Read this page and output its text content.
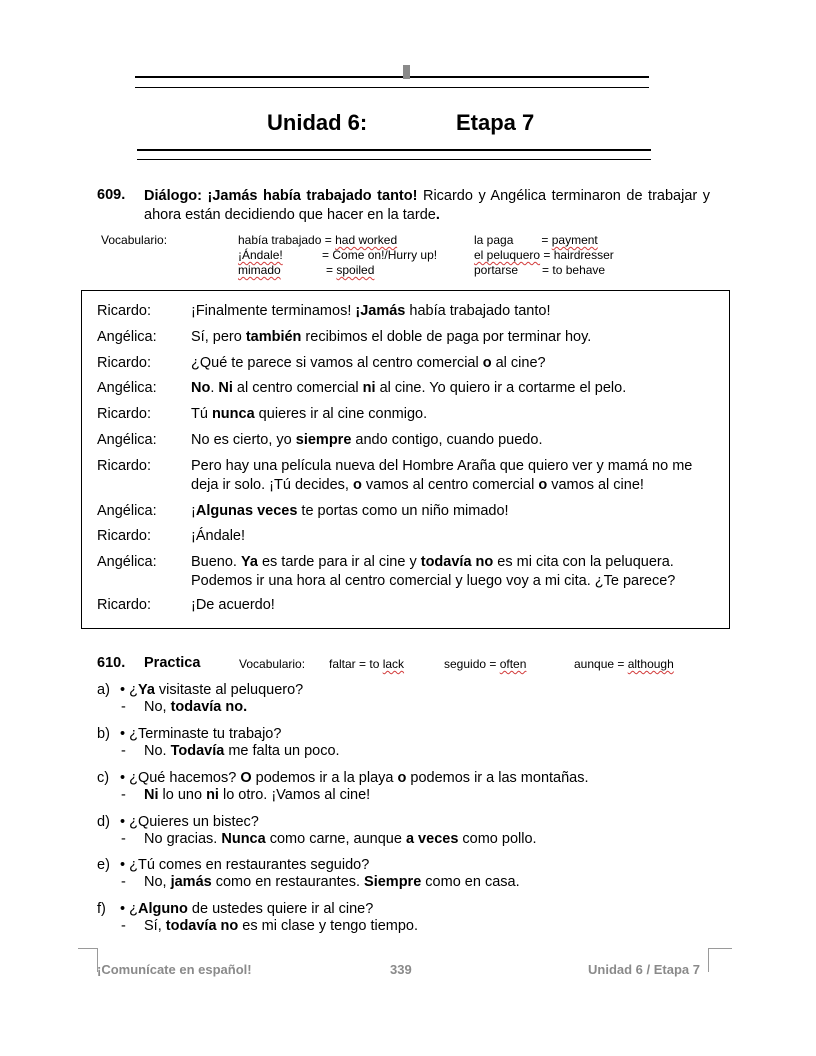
Unidad 6:	Etapa 7
609. Diálogo: ¡Jamás había trabajado tanto! Ricardo y Angélica terminaron de trabajar y ahora están decidiendo que hacer en la tarde.
Vocabulario:	había trabajado = had worked
¡Ándale!	= Come on!/Hurry up!
mimado	= spoiled
la paga = payment
el peluquero = hairdresser
portarse = to behave
Ricardo:	¡Finalmente terminamos! ¡Jamás había trabajado tanto!
Angélica: Sí, pero también recibimos el doble de paga por terminar hoy.
Ricardo:	¿Qué te parece si vamos al centro comercial o al cine?
Angélica: No. Ni al centro comercial ni al cine. Yo quiero ir a cortarme el pelo.
Ricardo:	Tú nunca quieres ir al cine conmigo.
Angélica: No es cierto, yo siempre ando contigo, cuando puedo.
Ricardo:	Pero hay una película nueva del Hombre Araña que quiero ver y mamá no me deja ir solo. ¡Tú decides, o vamos al centro comercial o vamos al cine!
Angélica: ¡Algunas veces te portas como un niño mimado!
Ricardo:	¡Ándale!
Angélica: Bueno. Ya es tarde para ir al cine y todavía no es mi cita con la peluquera. Podemos ir una hora al centro comercial y luego voy a mi cita. ¿Te parece?
Ricardo:	¡De acuerdo!
610. Practica	Vocabulario: faltar = to lack	seguido = often	aunque = although
a) • ¿Ya visitaste al peluquero?
- No, todavía no.
b) • ¿Terminaste tu trabajo?
- No. Todavía me falta un poco.
c) • ¿Qué hacemos? O podemos ir a la playa o podemos ir a las montañas.
- Ni lo uno ni lo otro. ¡Vamos al cine!
d) • ¿Quieres un bistec?
- No gracias. Nunca como carne, aunque a veces como pollo.
e) • ¿Tú comes en restaurantes seguido?
- No, jamás como en restaurantes. Siempre como en casa.
f) • ¿Alguno de ustedes quiere ir al cine?
- Sí, todavía no es mi clase y tengo tiempo.
¡Comunícate en español!	339	Unidad 6 / Etapa 7
